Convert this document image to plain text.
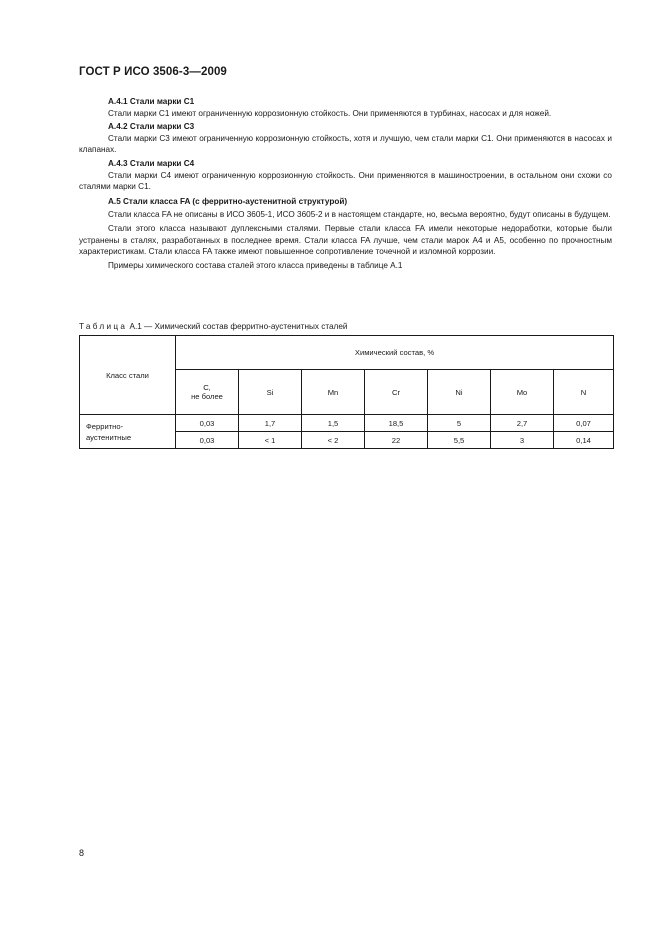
ГОСТ Р ИСО 3506-3—2009

А.4.1 Стали марки С1

Стали марки С1 имеют ограниченную коррозионную стойкость. Они применяются в турбинах, насосах и для ножей.

А.4.2 Стали марки С3

Стали марки С3 имеют ограниченную коррозионную стойкость, хотя и лучшую, чем стали марки С1. Они применяются в насосах и клапанах.

А.4.3 Стали марки С4

Стали марки С4 имеют ограниченную коррозионную стойкость. Они применяются в машиностроении, в остальном они схожи со сталями марки С1.

А.5 Стали класса FA (с ферритно-аустенитной структурой)

Стали класса FA не описаны в ИСО 3605-1, ИСО 3605-2 и в настоящем стандарте, но, весьма вероятно, будут описаны в будущем.

Стали этого класса называют дуплексными сталями. Первые стали класса FA имели некоторые недоработки, которые были устранены в сталях, разработанных в последнее время. Стали класса FA лучше, чем стали марок А4 и А5, особенно по прочностным характеристикам. Стали класса FA также имеют повышенное сопротивление точечной и изломной коррозии.

Примеры химического состава сталей этого класса приведены в таблице А.1

Таблица А.1 — Химический состав ферритно-аустенитных сталей
Класс стали	Химический состав, %						
	С,
не более	Si	Mn	Cr	Ni	Mo	N
Ферритно-
аустенитные	0,03	1,7	1,5	18,5	5	2,7	0,07
	0,03	< 1	< 2	22	5,5	3	0,14
8
